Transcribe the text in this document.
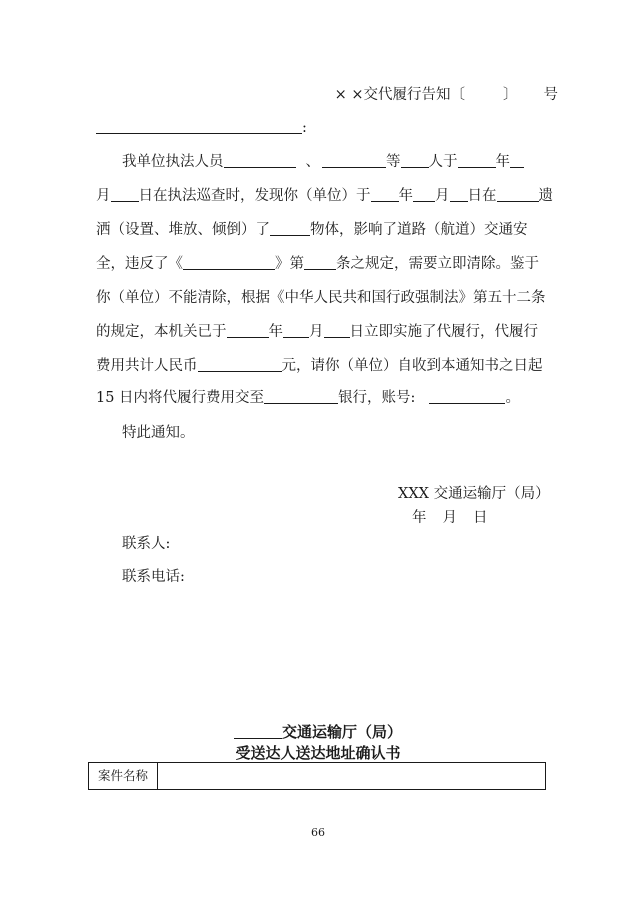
× ×交代履行告知〔	〕 号
:
我单位执法人员	、	等 人于	年
月 日在执法巡查时，发现你（单位）于 年 月 日在	遗
洒（设置、堆放、倾倒）了	物体，影响了道路（航道）交通安
全，违反了《	》第 条之规定，需要立即清除。鉴于
你（单位）不能清除，根据《中华人民共和国行政强制法》第五十二条
的规定，本机关已于	年 月 日立即实施了代履行，代履行
费用共计人民币	元，请你（单位）自收到本通知书之日起
15 日内将代履行费用交至	银行，账号:	。
特此通知。
XXX 交通运输厅（局）
年 月 日
联系人:
联系电话:
交通运输厅（局）
受送达人送达地址确认书
案件名称
66
